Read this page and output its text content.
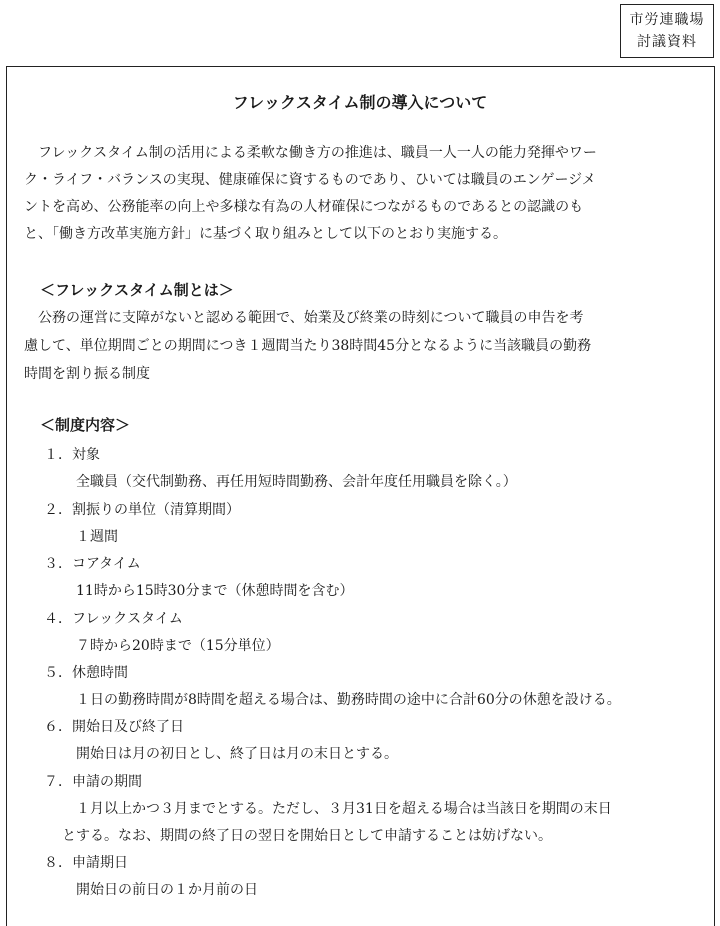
市労連職場
討議資料
フレックスタイム制の導入について
　フレックスタイム制の活用による柔軟な働き方の推進は、職員一人一人の能力発揮やワー
ク・ライフ・バランスの実現、健康確保に資するものであり、ひいては職員のエンゲージメ
ントを高め、公務能率の向上や多様な有為の人材確保につながるものであるとの認識のも
と、「働き方改革実施方針」に基づく取り組みとして以下のとおり実施する。
＜フレックスタイム制とは＞
　公務の運営に支障がないと認める範囲で、始業及び終業の時刻について職員の申告を考
慮して、単位期間ごとの期間につき１週間当たり38時間45分となるように当該職員の勤務
時間を割り振る制度
＜制度内容＞
１．対象
全職員（交代制勤務、再任用短時間勤務、会計年度任用職員を除く。）
２．割振りの単位（清算期間）
１週間
３．コアタイム
11時から15時30分まで（休憩時間を含む）
４．フレックスタイム
７時から20時まで（15分単位）
５．休憩時間
１日の勤務時間が8時間を超える場合は、勤務時間の途中に合計60分の休憩を設ける。
６．開始日及び終了日
開始日は月の初日とし、終了日は月の末日とする。
７．申請の期間
１月以上かつ３月までとする。ただし、３月31日を超える場合は当該日を期間の末日
とする。なお、期間の終了日の翌日を開始日として申請することは妨げない。
８．申請期日
開始日の前日の１か月前の日
